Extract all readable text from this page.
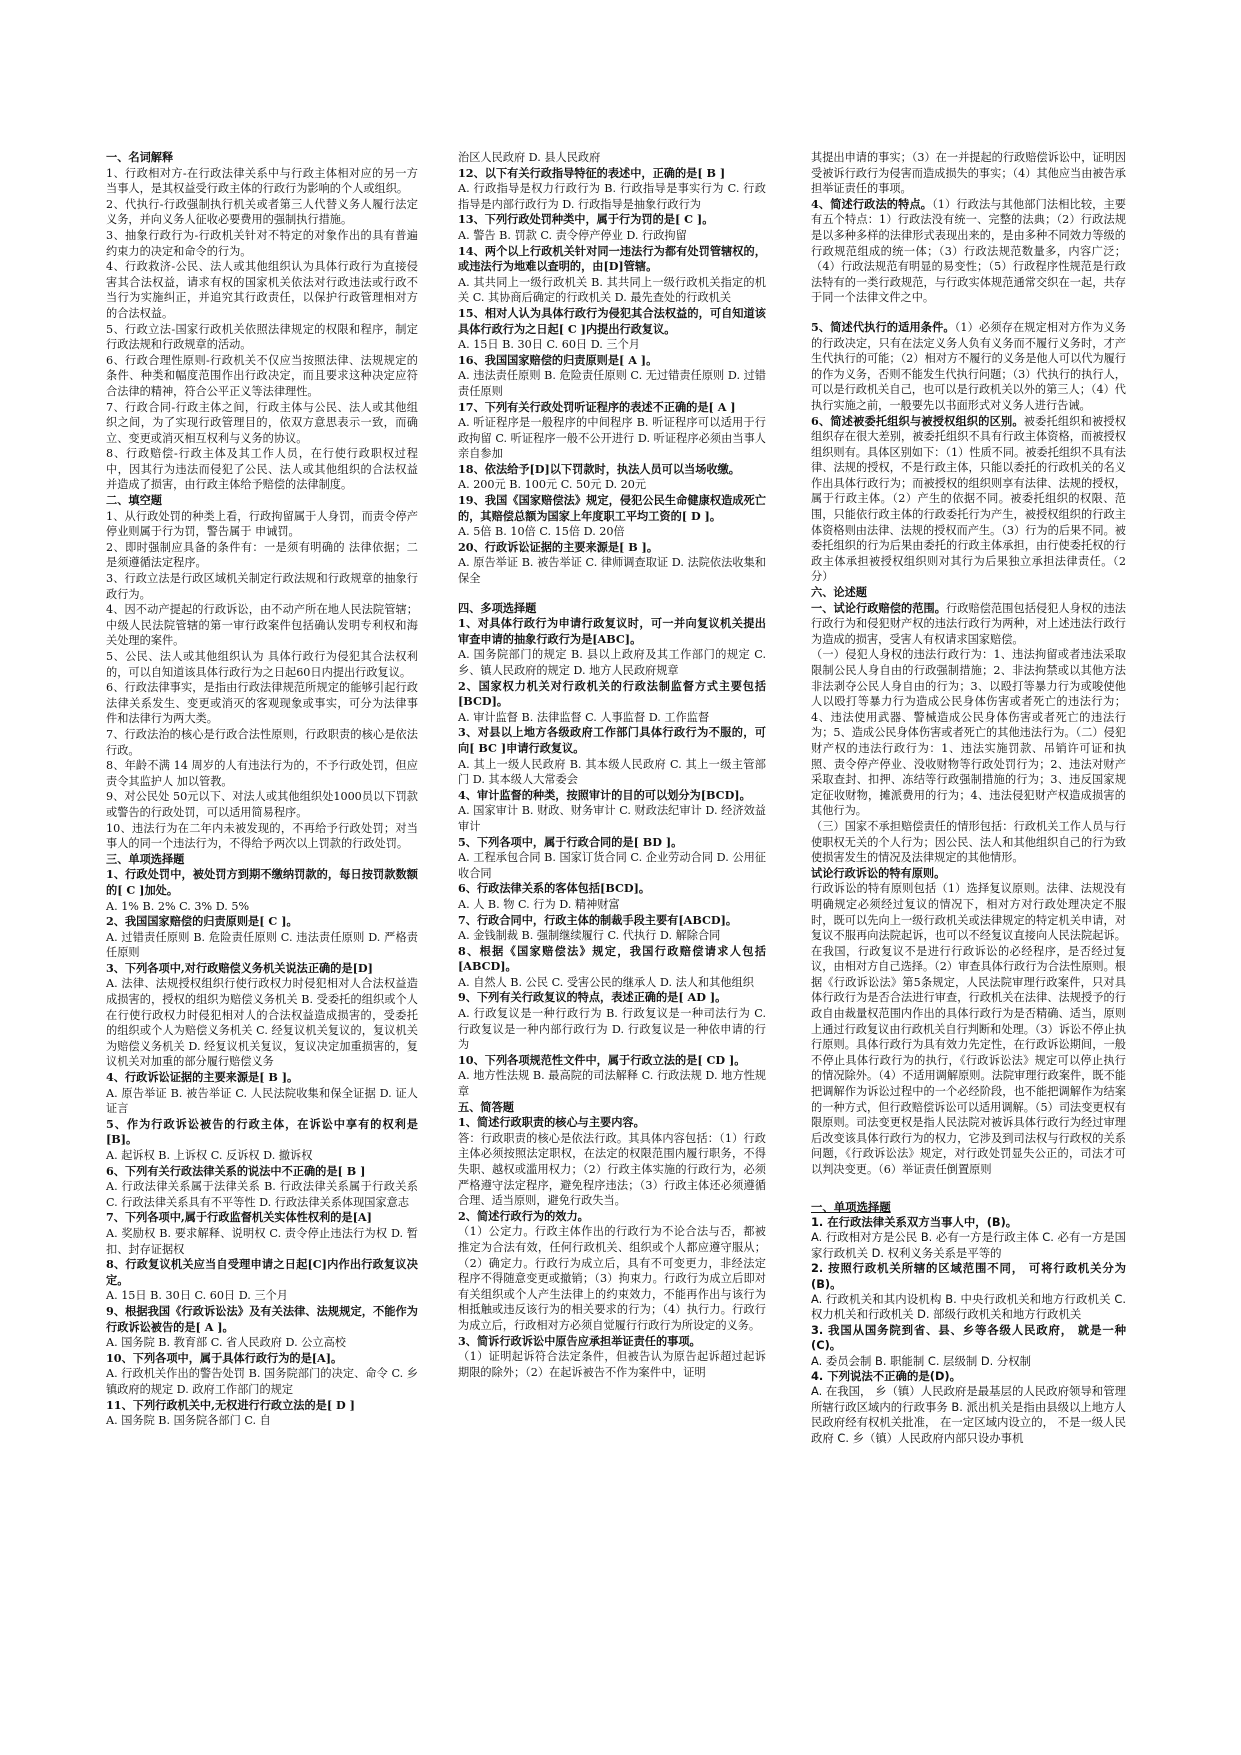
一、名词解释

1、行政相对方-在行政法律关系中与行政主体相对应的另一方当事人，是其权益受行政主体的行政行为影响的个人或组织。

2、代执行-行政强制执行机关或者第三人代替义务人履行法定义务，并向义务人征收必要费用的强制执行措施。

3、抽象行政行为-行政机关针对不特定的对象作出的具有普遍约束力的决定和命令的行为。

4、行政救济-公民、法人或其他组织认为具体行政行为直接侵害其合法权益，请求有权的国家机关依法对行政违法或行政不当行为实施纠正，并追究其行政责任，以保护行政管理相对方的合法权益。

5、行政立法-国家行政机关依照法律规定的权限和程序，制定行政法规和行政规章的活动。

6、行政合理性原则-行政机关不仅应当按照法律、法规规定的条件、种类和幅度范围作出行政决定，而且要求这种决定应符合法律的精神，符合公平正义等法律理性。

7、行政合同-行政主体之间，行政主体与公民、法人或其他组织之间，为了实现行政管理目的，依双方意思表示一致，而确立、变更或消灭相互权利与义务的协议。

8、行政赔偿-行政主体及其工作人员，在行使行政职权过程中，因其行为违法而侵犯了公民、法人或其他组织的合法权益并造成了损害，由行政主体给予赔偿的法律制度。

二、填空题

1、从行政处罚的种类上看，行政拘留属于人身罚，而责令停产停业则属于行为罚，警告属于 申诫罚。

2、即时强制应具备的条件有：一是须有明确的 法律依据；二是须遵循法定程序。

3、行政立法是行政区域机关制定行政法规和行政规章的抽象行政行为。

4、因不动产提起的行政诉讼，由不动产所在地人民法院管辖；中级人民法院管辖的第一审行政案件包括确认发明专利权和海关处理的案件。

5、公民、法人或其他组织认为 具体行政行为侵犯其合法权利的，可以自知道该具体行政行为之日起60日内提出行政复议。

6、行政法律事实，是指由行政法律规范所规定的能够引起行政法律关系发生、变更或消灭的客观现象或事实，可分为法律事件和法律行为两大类。

7、行政法治的核心是行政合法性原则，行政职责的核心是依法行政。

8、年龄不满 14 周岁的人有违法行为的，不予行政处罚，但应责令其监护人 加以管教。

9、对公民处 50元以下、对法人或其他组织处1000员以下罚款或警告的行政处罚，可以适用简易程序。

10、违法行为在二年内未被发现的，不再给予行政处罚；对当事人的同一个违法行为，不得给予两次以上罚款的行政处罚。

三、单项选择题

1、行政处罚中，被处罚方到期不缴纳罚款的，每日按罚款数额的[ C ]加处。

A. 1% B. 2% C. 3% D. 5%

2、我国国家赔偿的归责原则是[ C ]。

A. 过错责任原则 B. 危险责任原则 C. 违法责任原则 D. 严格责任原则

3、下列各项中,对行政赔偿义务机关说法正确的是[D]

A. 法律、法规授权组织行使行政权力时侵犯相对人合法权益造成损害的，授权的组织为赔偿义务机关 B. 受委托的组织或个人在行使行政权力时侵犯相对人的合法权益造成损害的，受委托的组织或个人为赔偿义务机关 C. 经复议机关复议的，复议机关为赔偿义务机关 D. 经复议机关复议，复议决定加重损害的，复议机关对加重的部分履行赔偿义务

4、行政诉讼证据的主要来源是[ B ]。

A. 原告举证 B. 被告举证 C. 人民法院收集和保全证据 D. 证人证言

5、作为行政诉讼被告的行政主体，在诉讼中享有的权利是[B]。

A. 起诉权 B. 上诉权 C. 反诉权 D. 撤诉权

6、下列有关行政法律关系的说法中不正确的是[ B ]

A. 行政法律关系属于法律关系 B. 行政法律关系属于行政关系 C. 行政法律关系具有不平等性 D. 行政法律关系体现国家意志

7、下列各项中,属于行政监督机关实体性权利的是[A]

A. 奖励权 B. 要求解释、说明权 C. 责令停止违法行为权 D. 暂扣、封存证据权

8、行政复议机关应当自受理申请之日起[C]内作出行政复议决定。

A. 15日 B. 30日 C. 60日 D. 三个月

9、根据我国《行政诉讼法》及有关法律、法规规定，不能作为行政诉讼被告的是[ A ]。

A. 国务院 B. 教育部 C. 省人民政府 D. 公立高校

10、下列各项中，属于具体行政行为的是[A]。

A. 行政机关作出的警告处罚 B. 国务院部门的决定、命令 C. 乡镇政府的规定 D. 政府工作部门的规定

11、下列行政机关中,无权进行行政立法的是[ D ]

A. 国务院 B. 国务院各部门 C. 自

治区人民政府 D. 县人民政府

12、以下有关行政指导特征的表述中，正确的是[ B ]

A. 行政指导是权力行政行为 B. 行政指导是事实行为 C. 行政指导是内部行政行为 D. 行政指导是抽象行政行为

13、下列行政处罚种类中，属于行为罚的是[ C ]。

A. 警告 B. 罚款 C. 责令停产停业 D. 行政拘留

14、两个以上行政机关针对同一违法行为都有处罚管辖权的，或违法行为地难以查明的，由[D]管辖。

A. 其共同上一级行政机关 B. 其共同上一级行政机关指定的机关 C. 其协商后确定的行政机关 D. 最先查处的行政机关

15、相对人认为具体行政行为侵犯其合法权益的，可自知道该具体行政行为之日起[ C ]内提出行政复议。

A. 15日 B. 30日 C. 60日 D. 三个月

16、我国国家赔偿的归责原则是[ A ]。

A. 违法责任原则 B. 危险责任原则 C. 无过错责任原则 D. 过错责任原则

17、下列有关行政处罚听证程序的表述不正确的是[ A ]

A. 听证程序是一般程序的中间程序 B. 听证程序可以适用于行政拘留 C. 听证程序一般不公开进行 D. 听证程序必须由当事人亲自参加

18、依法给予[D]以下罚款时，执法人员可以当场收缴。

A. 200元 B. 100元 C. 50元 D. 20元

19、我国《国家赔偿法》规定，侵犯公民生命健康权造成死亡的，其赔偿总额为国家上年度职工平均工资的[ D ]。

A. 5倍 B. 10倍 C. 15倍 D. 20倍

20、行政诉讼证据的主要来源是[ B ]。

A. 原告举证 B. 被告举证 C. 律师调查取证 D. 法院依法收集和保全

四、多项选择题

1、对具体行政行为申请行政复议时，可一并向复议机关提出审查申请的抽象行政行为是[ABC]。

A. 国务院部门的规定 B. 县以上政府及其工作部门的规定 C. 乡、镇人民政府的规定 D. 地方人民政府规章

2、国家权力机关对行政机关的行政法制监督方式主要包括[BCD]。

A. 审计监督 B. 法律监督 C. 人事监督 D. 工作监督

3、对县以上地方各级政府工作部门具体行政行为不服的，可向[ BC ]申请行政复议。

A. 其上一级人民政府 B. 其本级人民政府 C. 其上一级主管部门 D. 其本级人大常委会

4、审计监督的种类，按照审计的目的可以划分为[BCD]。

A. 国家审计 B. 财政、财务审计 C. 财政法纪审计 D. 经济效益审计

5、下列各项中，属于行政合同的是[ BD ]。

A. 工程承包合同 B. 国家订货合同 C. 企业劳动合同 D. 公用征收合同

6、行政法律关系的客体包括[BCD]。

A. 人 B. 物 C. 行为 D. 精神财富

7、行政合同中，行政主体的制裁手段主要有[ABCD]。

A. 金钱制裁 B. 强制继续履行 C. 代执行 D. 解除合同

8、根据《国家赔偿法》规定，我国行政赔偿请求人包括[ABCD]。

A. 自然人 B. 公民 C. 受害公民的继承人 D. 法人和其他组织

9、下列有关行政复议的特点，表述正确的是[ AD ]。

A. 行政复议是一种行政行为 B. 行政复议是一种司法行为 C. 行政复议是一种内部行政行为 D. 行政复议是一种依申请的行为

10、下列各项规范性文件中，属于行政立法的是[ CD ]。

A. 地方性法规 B. 最高院的司法解释 C. 行政法规 D. 地方性规章

五、简答题

1、简述行政职责的核心与主要内容。

答：行政职责的核心是依法行政。其具体内容包括：（1）行政主体必须按照法定职权，在法定的权限范围内履行职务，不得失职、越权或滥用权力；（2）行政主体实施的行政行为，必须严格遵守法定程序，避免程序违法；（3）行政主体还必须遵循合理、适当原则，避免行政失当。

2、简述行政行为的效力。

（1）公定力。行政主体作出的行政行为不论合法与否，都被推定为合法有效，任何行政机关、组织或个人都应遵守服从；（2）确定力。行政行为成立后，具有不可变更力，非经法定程序不得随意变更或撤销；（3）拘束力。行政行为成立后即对有关组织或个人产生法律上的约束效力，不能再作出与该行为相抵触或违反该行为的相关要求的行为；（4）执行力。行政行为成立后，行政相对方必须自觉履行行政行为所设定的义务。

3、简诉行政诉讼中原告应承担举证责任的事项。

（1）证明起诉符合法定条件，但被告认为原告起诉超过起诉期限的除外；（2）在起诉被告不作为案件中，证明

其提出申请的事实；（3）在一并提起的行政赔偿诉讼中，证明因受被诉行政行为侵害而造成损失的事实；（4）其他应当由被告承担举证责任的事项。

4、简述行政法的特点。（1）行政法与其他部门法相比较，主要有五个特点：1）行政法没有统一、完整的法典；（2）行政法规是以多种多样的法律形式表现出来的，是由多种不同效力等级的行政规范组成的统一体；（3）行政法规范数量多，内容广泛；（4）行政法规范有明显的易变性；（5）行政程序性规范是行政法特有的一类行政规范，与行政实体规范通常交织在一起，共存于同一个法律文件之中。

5、简述代执行的适用条件。（1）必须存在规定相对方作为义务的行政决定，只有在法定义务人负有义务而不履行义务时，才产生代执行的可能；（2）相对方不履行的义务是他人可以代为履行的作为义务，否则不能发生代执行问题；（3）代执行的执行人，可以是行政机关自己，也可以是行政机关以外的第三人；（4）代执行实施之前，一般要先以书面形式对义务人进行告诫。

6、简述被委托组织与被授权组织的区别。被委托组织和被授权组织存在很大差别，被委托组织不具有行政主体资格，而被授权组织则有。具体区别如下：（1）性质不同。被委托组织不具有法律、法规的授权，不是行政主体，只能以委托的行政机关的名义作出具体行政行为；而被授权的组织则享有法律、法规的授权，属于行政主体。（2）产生的依据不同。被委托组织的权限、范围，只能依行政主体的行政委托行为产生，被授权组织的行政主体资格则由法律、法规的授权而产生。（3）行为的后果不同。被委托组织的行为后果由委托的行政主体承担，由行使委托权的行政主体承担被授权组织则对其行为后果独立承担法律责任。（2分）

六、论述题

一、试论行政赔偿的范围。行政赔偿范围包括侵犯人身权的违法行政行为和侵犯财产权的违法行政行为两种，对上述违法行政行为造成的损害，受害人有权请求国家赔偿。

（一）侵犯人身权的违法行政行为：1、违法拘留或者违法采取限制公民人身自由的行政强制措施；2、非法拘禁或以其他方法非法剥夺公民人身自由的行为；3、以殴打等暴力行为或唆使他人以殴打等暴力行为造成公民身体伤害或者死亡的违法行为；4、违法使用武器、警械造成公民身体伤害或者死亡的违法行为；5、造成公民身体伤害或者死亡的其他违法行为。（二）侵犯财产权的违法行政行为：1、违法实施罚款、吊销许可证和执照、责令停产停业、没收财物等行政处罚行为；2、违法对财产采取查封、扣押、冻结等行政强制措施的行为；3、违反国家规定征收财物，摊派费用的行为；4、违法侵犯财产权造成损害的其他行为。

（三）国家不承担赔偿责任的情形包括：行政机关工作人员与行使职权无关的个人行为；因公民、法人和其他组织自己的行为致使损害发生的情况及法律规定的其他情形。

试论行政诉讼的特有原则。

行政诉讼的特有原则包括（1）选择复议原则。法律、法规没有明确规定必须经过复议的情况下，相对方对行政处理决定不服时，既可以先向上一级行政机关或法律规定的特定机关申请，对复议不服再向法院起诉，也可以不经复议直接向人民法院起诉。在我国，行政复议不是进行行政诉讼的必经程序，是否经过复议，由相对方自己选择。（2）审查具体行政行为合法性原则。根据《行政诉讼法》第5条规定，人民法院审理行政案件，只对具体行政行为是否合法进行审查，行政机关在法律、法规授予的行政自由裁量权范围内作出的具体行政行为是否精确、适当，原则上通过行政复议由行政机关自行判断和处理。（3）诉讼不停止执行原则。具体行政行为具有效力先定性，在行政诉讼期间，一般不停止具体行政行为的执行，《行政诉讼法》规定可以停止执行的情况除外。（4）不适用调解原则。法院审理行政案件，既不能把调解作为诉讼过程中的一个必经阶段，也不能把调解作为结案的一种方式，但行政赔偿诉讼可以适用调解。（5）司法变更权有限原则。司法变更权是指人民法院对被诉具体行政行为经过审理后改变该具体行政行为的权力，它涉及到司法权与行政权的关系问题，《行政诉讼法》规定，对行政处罚显失公正的，司法才可以判决变更。（6）举证责任倒置原则

一、单项选择题

1. 在行政法律关系双方当事人中，(B)。

A. 行政相对方是公民 B. 必有一方是行政主体 C. 必有一方是国家行政机关 D. 权利义务关系是平等的

2. 按照行政机关所辖的区域范围不同， 可将行政机关分为(B)。

A. 行政机关和其内设机构 B. 中央行政机关和地方行政机关 C. 权力机关和行政机关 D. 部级行政机关和地方行政机关

3. 我国从国务院到省、县、乡等各级人民政府， 就是一种(C)。

A. 委员会制 B. 职能制 C. 层级制 D. 分权制

4. 下列说法不正确的是(D)。

A. 在我国， 乡（镇）人民政府是最基层的人民政府领导和管理所辖行政区域内的行政事务 B. 派出机关是指由县级以上地方人民政府经有权机关批准， 在一定区域内设立的， 不是一级人民政府 C. 乡（镇）人民政府内部只设办事机
